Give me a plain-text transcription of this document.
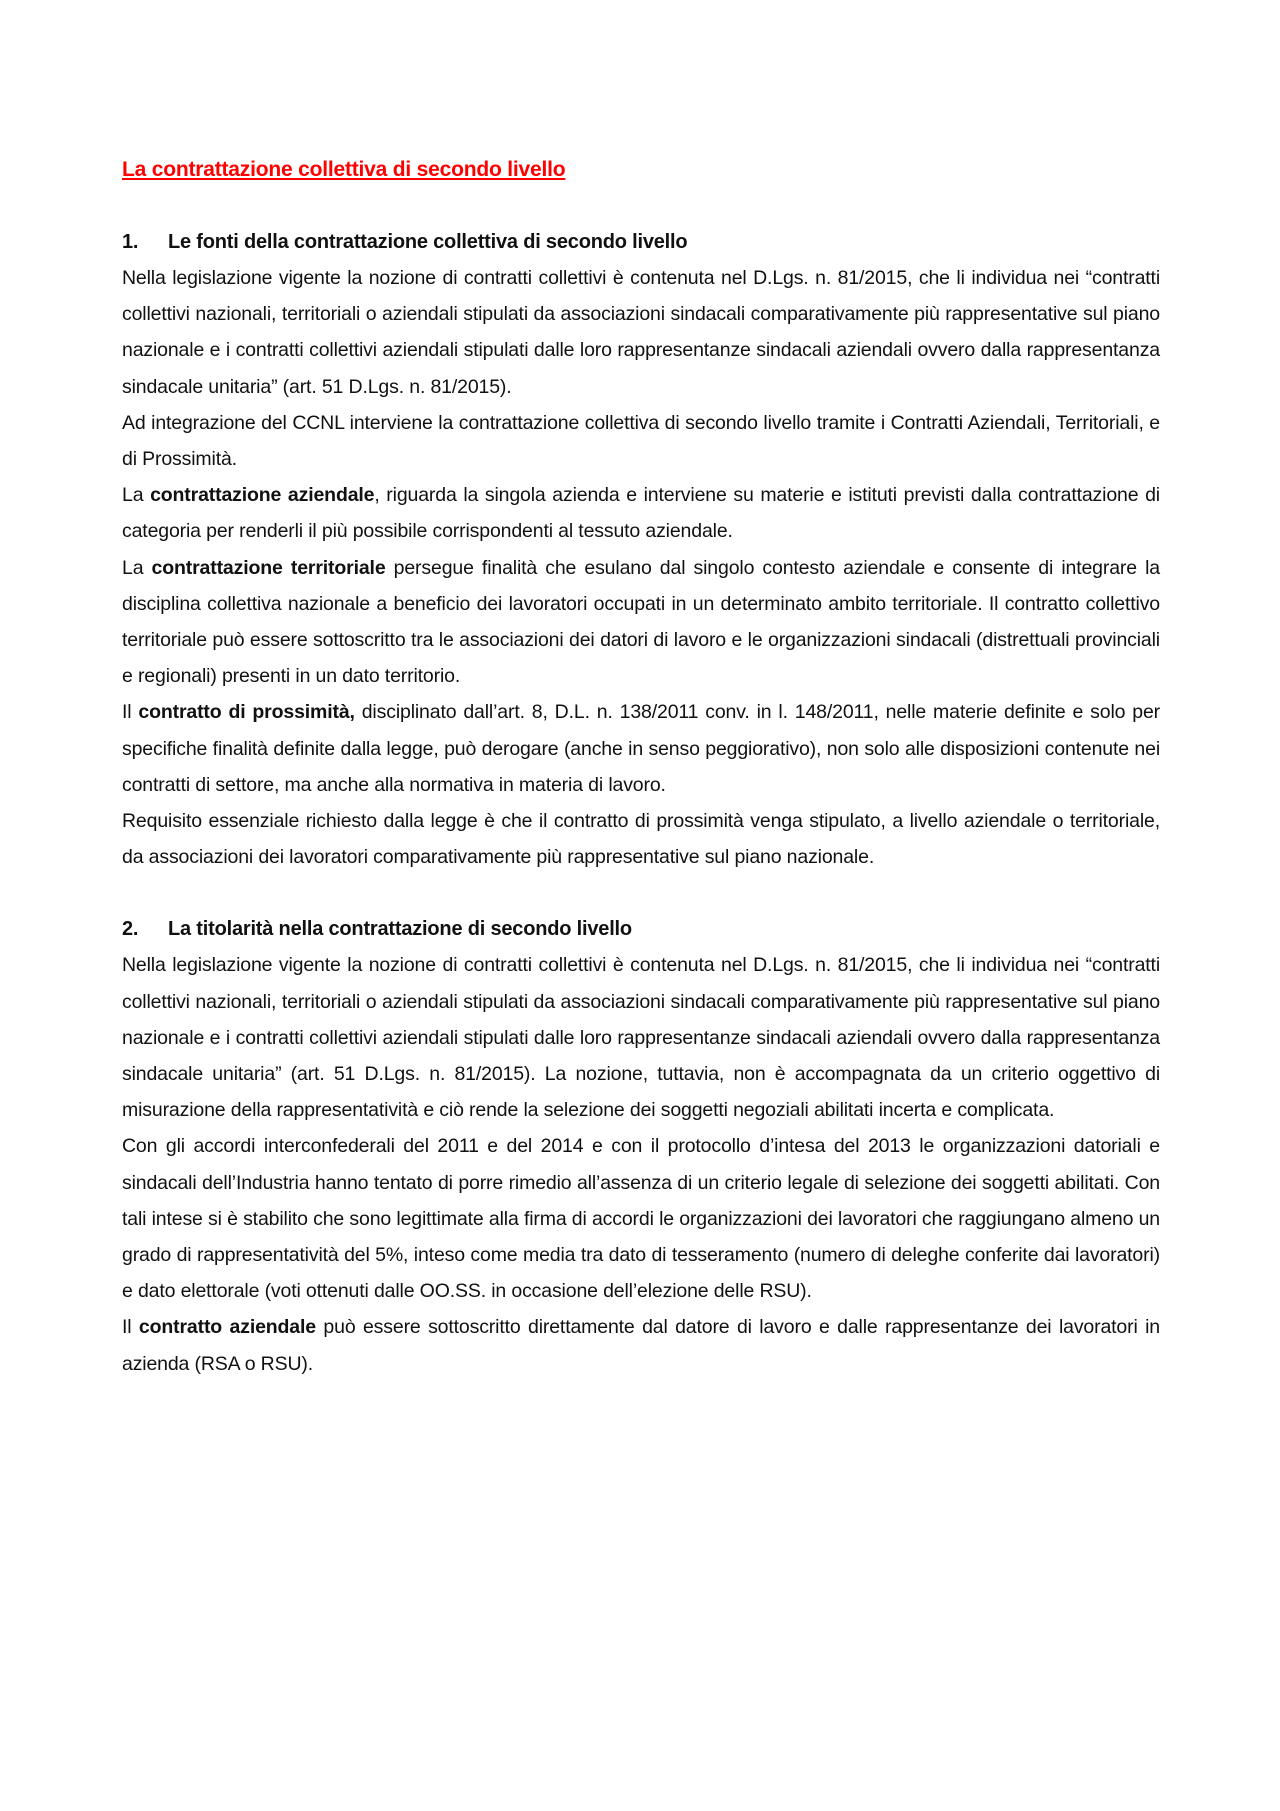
La contrattazione collettiva di secondo livello
1.	Le fonti della contrattazione collettiva di secondo livello

Nella legislazione vigente la nozione di contratti collettivi è contenuta nel D.Lgs. n. 81/2015, che li individua nei “contratti collettivi nazionali, territoriali o aziendali stipulati da associazioni sindacali comparativamente più rappresentative sul piano nazionale e i contratti collettivi aziendali stipulati dalle loro rappresentanze sindacali aziendali ovvero dalla rappresentanza sindacale unitaria” (art. 51 D.Lgs. n. 81/2015).

Ad integrazione del CCNL interviene la contrattazione collettiva di secondo livello tramite i Contratti Aziendali, Territoriali, e di Prossimità.

La contrattazione aziendale, riguarda la singola azienda e interviene su materie e istituti previsti dalla contrattazione di categoria per renderli il più possibile corrispondenti al tessuto aziendale.

La contrattazione territoriale persegue finalità che esulano dal singolo contesto aziendale e consente di integrare la disciplina collettiva nazionale a beneficio dei lavoratori occupati in un determinato ambito territoriale. Il contratto collettivo territoriale può essere sottoscritto tra le associazioni dei datori di lavoro e le organizzazioni sindacali (distrettuali provinciali e regionali) presenti in un dato territorio.

Il contratto di prossimità, disciplinato dall’art. 8, D.L. n. 138/2011 conv. in l. 148/2011, nelle materie definite e solo per specifiche finalità definite dalla legge, può derogare (anche in senso peggiorativo), non solo alle disposizioni contenute nei contratti di settore, ma anche alla normativa in materia di lavoro.

Requisito essenziale richiesto dalla legge è che il contratto di prossimità venga stipulato, a livello aziendale o territoriale, da associazioni dei lavoratori comparativamente più rappresentative sul piano nazionale.

2.	La titolarità nella contrattazione di secondo livello

Nella legislazione vigente la nozione di contratti collettivi è contenuta nel D.Lgs. n. 81/2015, che li individua nei “contratti collettivi nazionali, territoriali o aziendali stipulati da associazioni sindacali comparativamente più rappresentative sul piano nazionale e i contratti collettivi aziendali stipulati dalle loro rappresentanze sindacali aziendali ovvero dalla rappresentanza sindacale unitaria” (art. 51 D.Lgs. n. 81/2015). La nozione, tuttavia, non è accompagnata da un criterio oggettivo di misurazione della rappresentatività e ciò rende la selezione dei soggetti negoziali abilitati incerta e complicata.

Con gli accordi interconfederali del 2011 e del 2014 e con il protocollo d’intesa del 2013 le organizzazioni datoriali e sindacali dell’Industria hanno tentato di porre rimedio all’assenza di un criterio legale di selezione dei soggetti abilitati. Con tali intese si è stabilito che sono legittimate alla firma di accordi le organizzazioni dei lavoratori che raggiungano almeno un grado di rappresentatività del 5%, inteso come media tra dato di tesseramento (numero di deleghe conferite dai lavoratori) e dato elettorale (voti ottenuti dalle OO.SS. in occasione dell’elezione delle RSU).

Il contratto aziendale può essere sottoscritto direttamente dal datore di lavoro e dalle rappresentanze dei lavoratori in azienda (RSA o RSU).
